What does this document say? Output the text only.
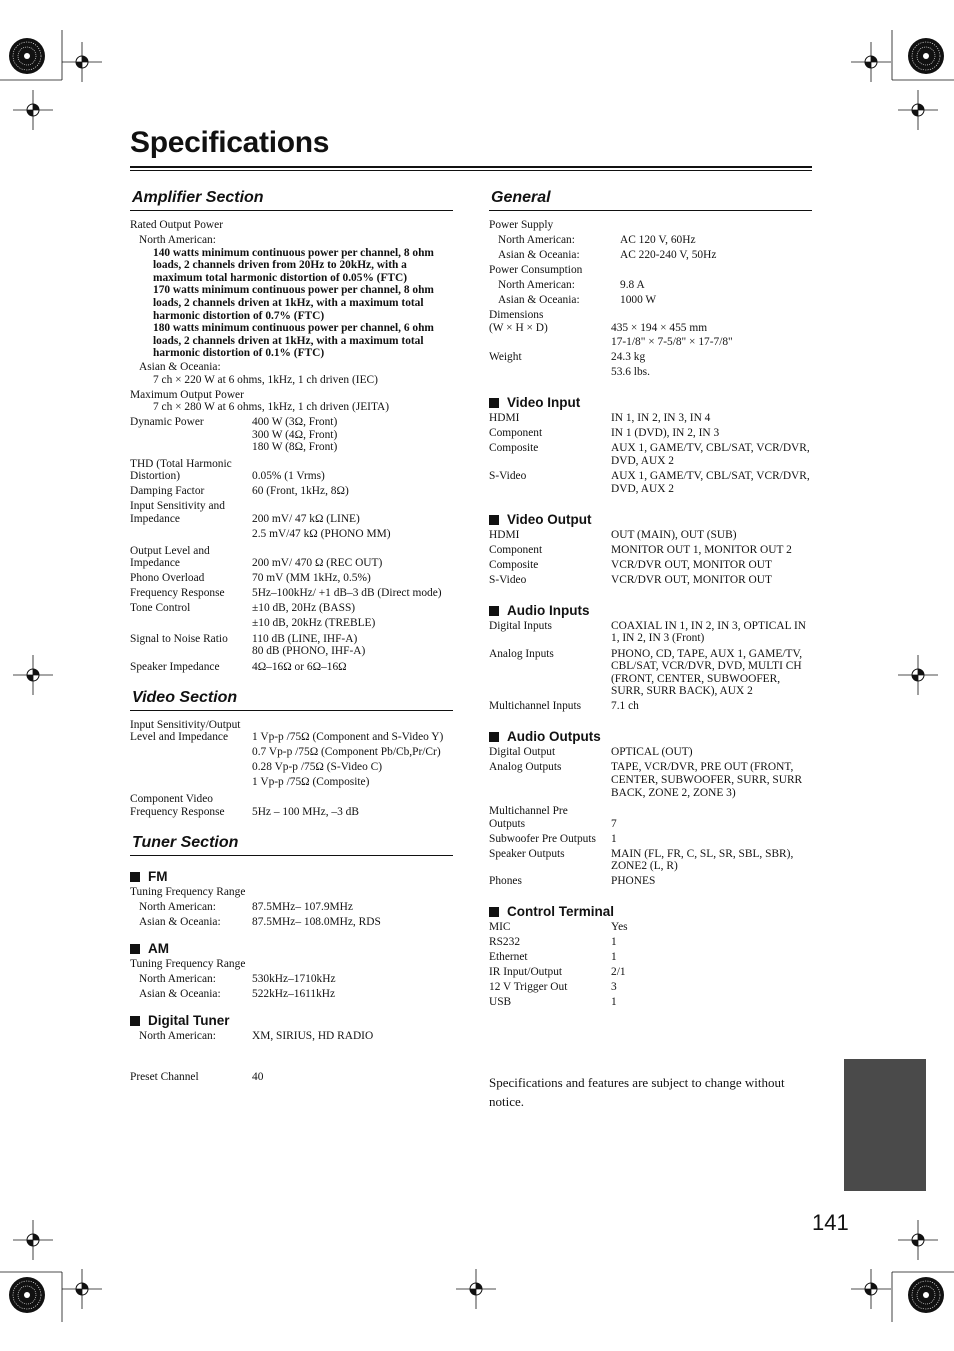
Specifications
Amplifier Section
Rated Output Power
North American:
140 watts minimum continuous power per channel, 8 ohm loads, 2 channels driven from 20Hz to 20kHz, with a maximum total harmonic distortion of 0.05% (FTC)
170 watts minimum continuous power per channel, 8 ohm loads, 2 channels driven at 1kHz, with a maximum total harmonic distortion of 0.7% (FTC)
180 watts minimum continuous power per channel, 6 ohm loads, 2 channels driven at 1kHz, with a maximum total harmonic distortion of 0.1% (FTC)
Asian & Oceania:
7 ch × 220 W at 6 ohms, 1kHz, 1 ch driven (IEC)
Maximum Output Power
7 ch × 280 W at 6 ohms, 1kHz, 1 ch driven (JEITA)
Dynamic Power	400 W (3Ω, Front)
300 W (4Ω, Front)
180 W (8Ω, Front)
THD (Total Harmonic
Distortion)	0.05% (1 Vrms)
Damping Factor	60 (Front, 1kHz, 8Ω)
Input Sensitivity and
Impedance	200 mV/ 47 kΩ (LINE)
2.5 mV/47 kΩ (PHONO MM)
Output Level and
Impedance	200 mV/ 470 Ω (REC OUT)
Phono Overload	70 mV (MM 1kHz, 0.5%)
Frequency Response	5Hz–100kHz/ +1 dB–3 dB (Direct mode)
Tone Control	±10 dB, 20Hz (BASS)
±10 dB, 20kHz (TREBLE)
Signal to Noise Ratio	110 dB (LINE, IHF-A)
80 dB (PHONO, IHF-A)
Speaker Impedance	4Ω–16Ω or 6Ω–16Ω
Video Section
Input Sensitivity/Output
Level and Impedance	1 Vp-p /75Ω (Component and S-Video Y)
0.7 Vp-p /75Ω (Component Pb/Cb,Pr/Cr)
0.28 Vp-p /75Ω (S-Video C)
1 Vp-p /75Ω (Composite)
Component Video
Frequency Response	5Hz – 100 MHz, –3 dB
Tuner Section
FM
Tuning Frequency Range
North American:	87.5MHz– 107.9MHz
Asian & Oceania:	87.5MHz– 108.0MHz, RDS
AM
Tuning Frequency Range
North American:	530kHz–1710kHz
Asian & Oceania:	522kHz–1611kHz
Digital Tuner
North American:	XM, SIRIUS, HD RADIO
Preset Channel	40
General
Power Supply
North American:	AC 120 V, 60Hz
Asian & Oceania:	AC 220-240 V, 50Hz
Power Consumption
North American:	9.8 A
Asian & Oceania:	1000 W
Dimensions
(W × H × D)	435 × 194 × 455 mm
17-1/8" × 7-5/8" × 17-7/8"
Weight	24.3 kg
53.6 lbs.
Video Input
HDMI	IN 1, IN 2, IN 3, IN 4
Component	IN 1 (DVD), IN 2, IN 3
Composite	AUX 1, GAME/TV, CBL/SAT, VCR/DVR, DVD, AUX 2
S-Video	AUX 1, GAME/TV, CBL/SAT, VCR/DVR, DVD, AUX 2
Video Output
HDMI	OUT (MAIN), OUT (SUB)
Component	MONITOR OUT 1, MONITOR OUT 2
Composite	VCR/DVR OUT, MONITOR OUT
S-Video	VCR/DVR OUT, MONITOR OUT
Audio Inputs
Digital Inputs	COAXIAL IN 1, IN 2, IN 3, OPTICAL IN 1, IN 2, IN 3 (Front)
Analog Inputs	PHONO, CD, TAPE, AUX 1, GAME/TV, CBL/SAT, VCR/DVR, DVD, MULTI CH (FRONT, CENTER, SUBWOOFER, SURR, SURR BACK), AUX 2
Multichannel Inputs	7.1 ch
Audio Outputs
Digital Output	OPTICAL (OUT)
Analog Outputs	TAPE, VCR/DVR, PRE OUT (FRONT, CENTER, SUBWOOFER, SURR, SURR BACK, ZONE 2, ZONE 3)
Multichannel Pre
Outputs	7
Subwoofer Pre Outputs	1
Speaker Outputs	MAIN (FL, FR, C, SL, SR, SBL, SBR), ZONE2 (L, R)
Phones	PHONES
Control Terminal
MIC	Yes
RS232	1
Ethernet	1
IR Input/Output	2/1
12 V Trigger Out	3
USB	1
Specifications and features are subject to change without notice.
141
